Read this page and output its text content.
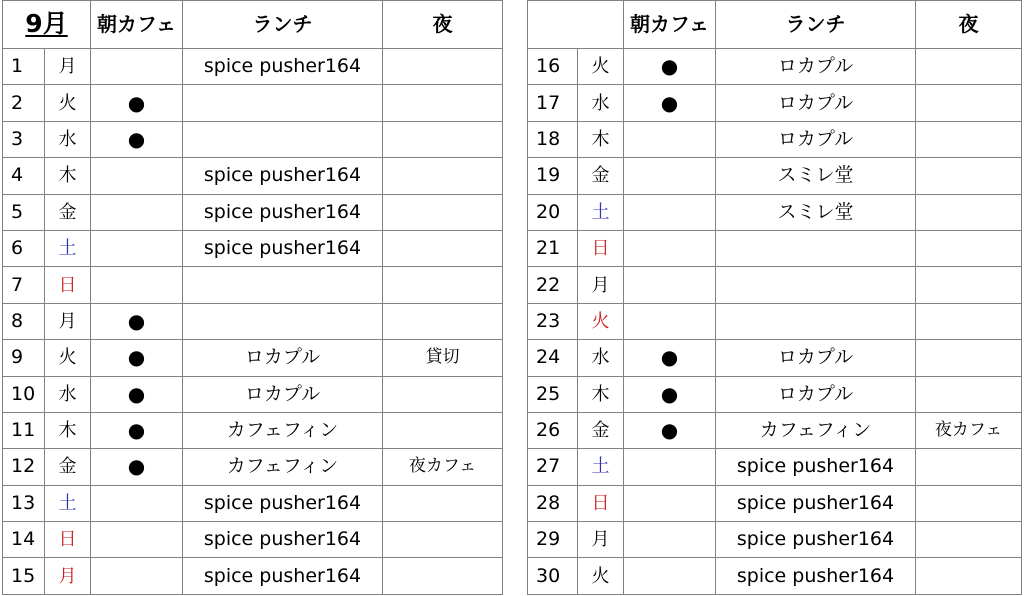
9月		朝カフェ	ランチ	夜
1	月		spice pusher164	
2	火	●		
3	水	●		
4	木		spice pusher164	
5	金		spice pusher164	
6	土		spice pusher164	
7	日			
8	月	●		
9	火	●	ロカプル	貸切
10	水	●	ロカプル	
11	木	●	カフェフィン	
12	金	●	カフェフィン	夜カフェ
13	土		spice pusher164	
14	日		spice pusher164	
15	月		spice pusher164	
		朝カフェ	ランチ	夜
16	火	●	ロカプル	
17	水	●	ロカプル	
18	木		ロカプル	
19	金		スミレ堂	
20	土		スミレ堂	
21	日			
22	月			
23	火			
24	水	●	ロカプル	
25	木	●	ロカプル	
26	金	●	カフェフィン	夜カフェ
27	土		spice pusher164	
28	日		spice pusher164	
29	月		spice pusher164	
30	火		spice pusher164	
